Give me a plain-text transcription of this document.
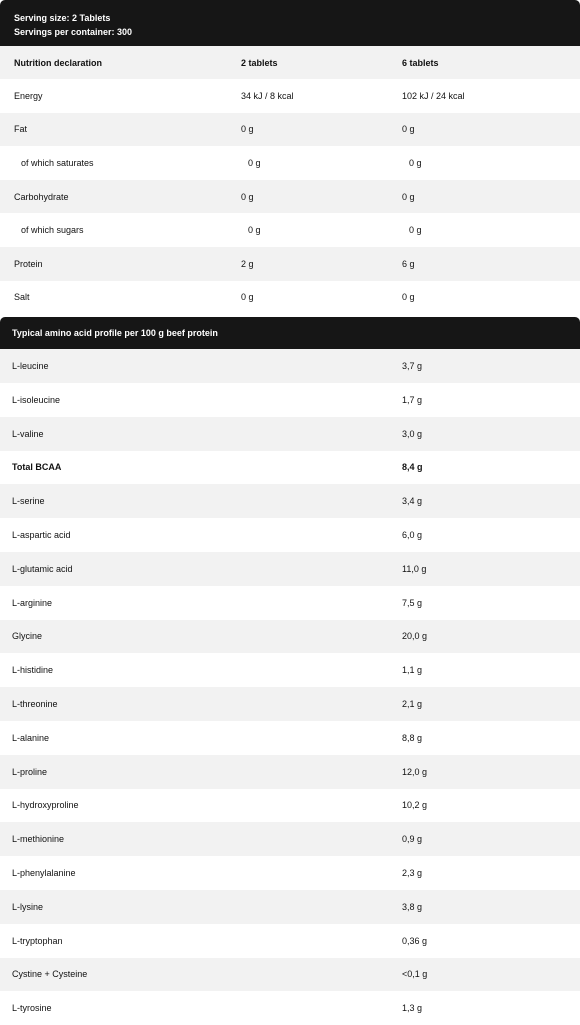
Serving size: 2 Tablets
Servings per container: 300
Nutrition declaration	2 tablets	6 tablets
Energy	34 kJ / 8 kcal	102 kJ / 24 kcal
Fat	0 g	0 g
of which saturates	0 g	0 g
Carbohydrate	0 g	0 g
of which sugars	0 g	0 g
Protein	2 g	6 g
Salt	0 g	0 g
Typical amino acid profile per 100 g beef protein
L-leucine	3,7 g
L-isoleucine	1,7 g
L-valine	3,0 g
Total BCAA	8,4 g
L-serine	3,4 g
L-aspartic acid	6,0 g
L-glutamic acid	11,0 g
L-arginine	7,5 g
Glycine	20,0 g
L-histidine	1,1 g
L-threonine	2,1 g
L-alanine	8,8 g
L-proline	12,0 g
L-hydroxyproline	10,2 g
L-methionine	0,9 g
L-phenylalanine	2,3 g
L-lysine	3,8 g
L-tryptophan	0,36 g
Cystine + Cysteine	<0,1 g
L-tyrosine	1,3 g
